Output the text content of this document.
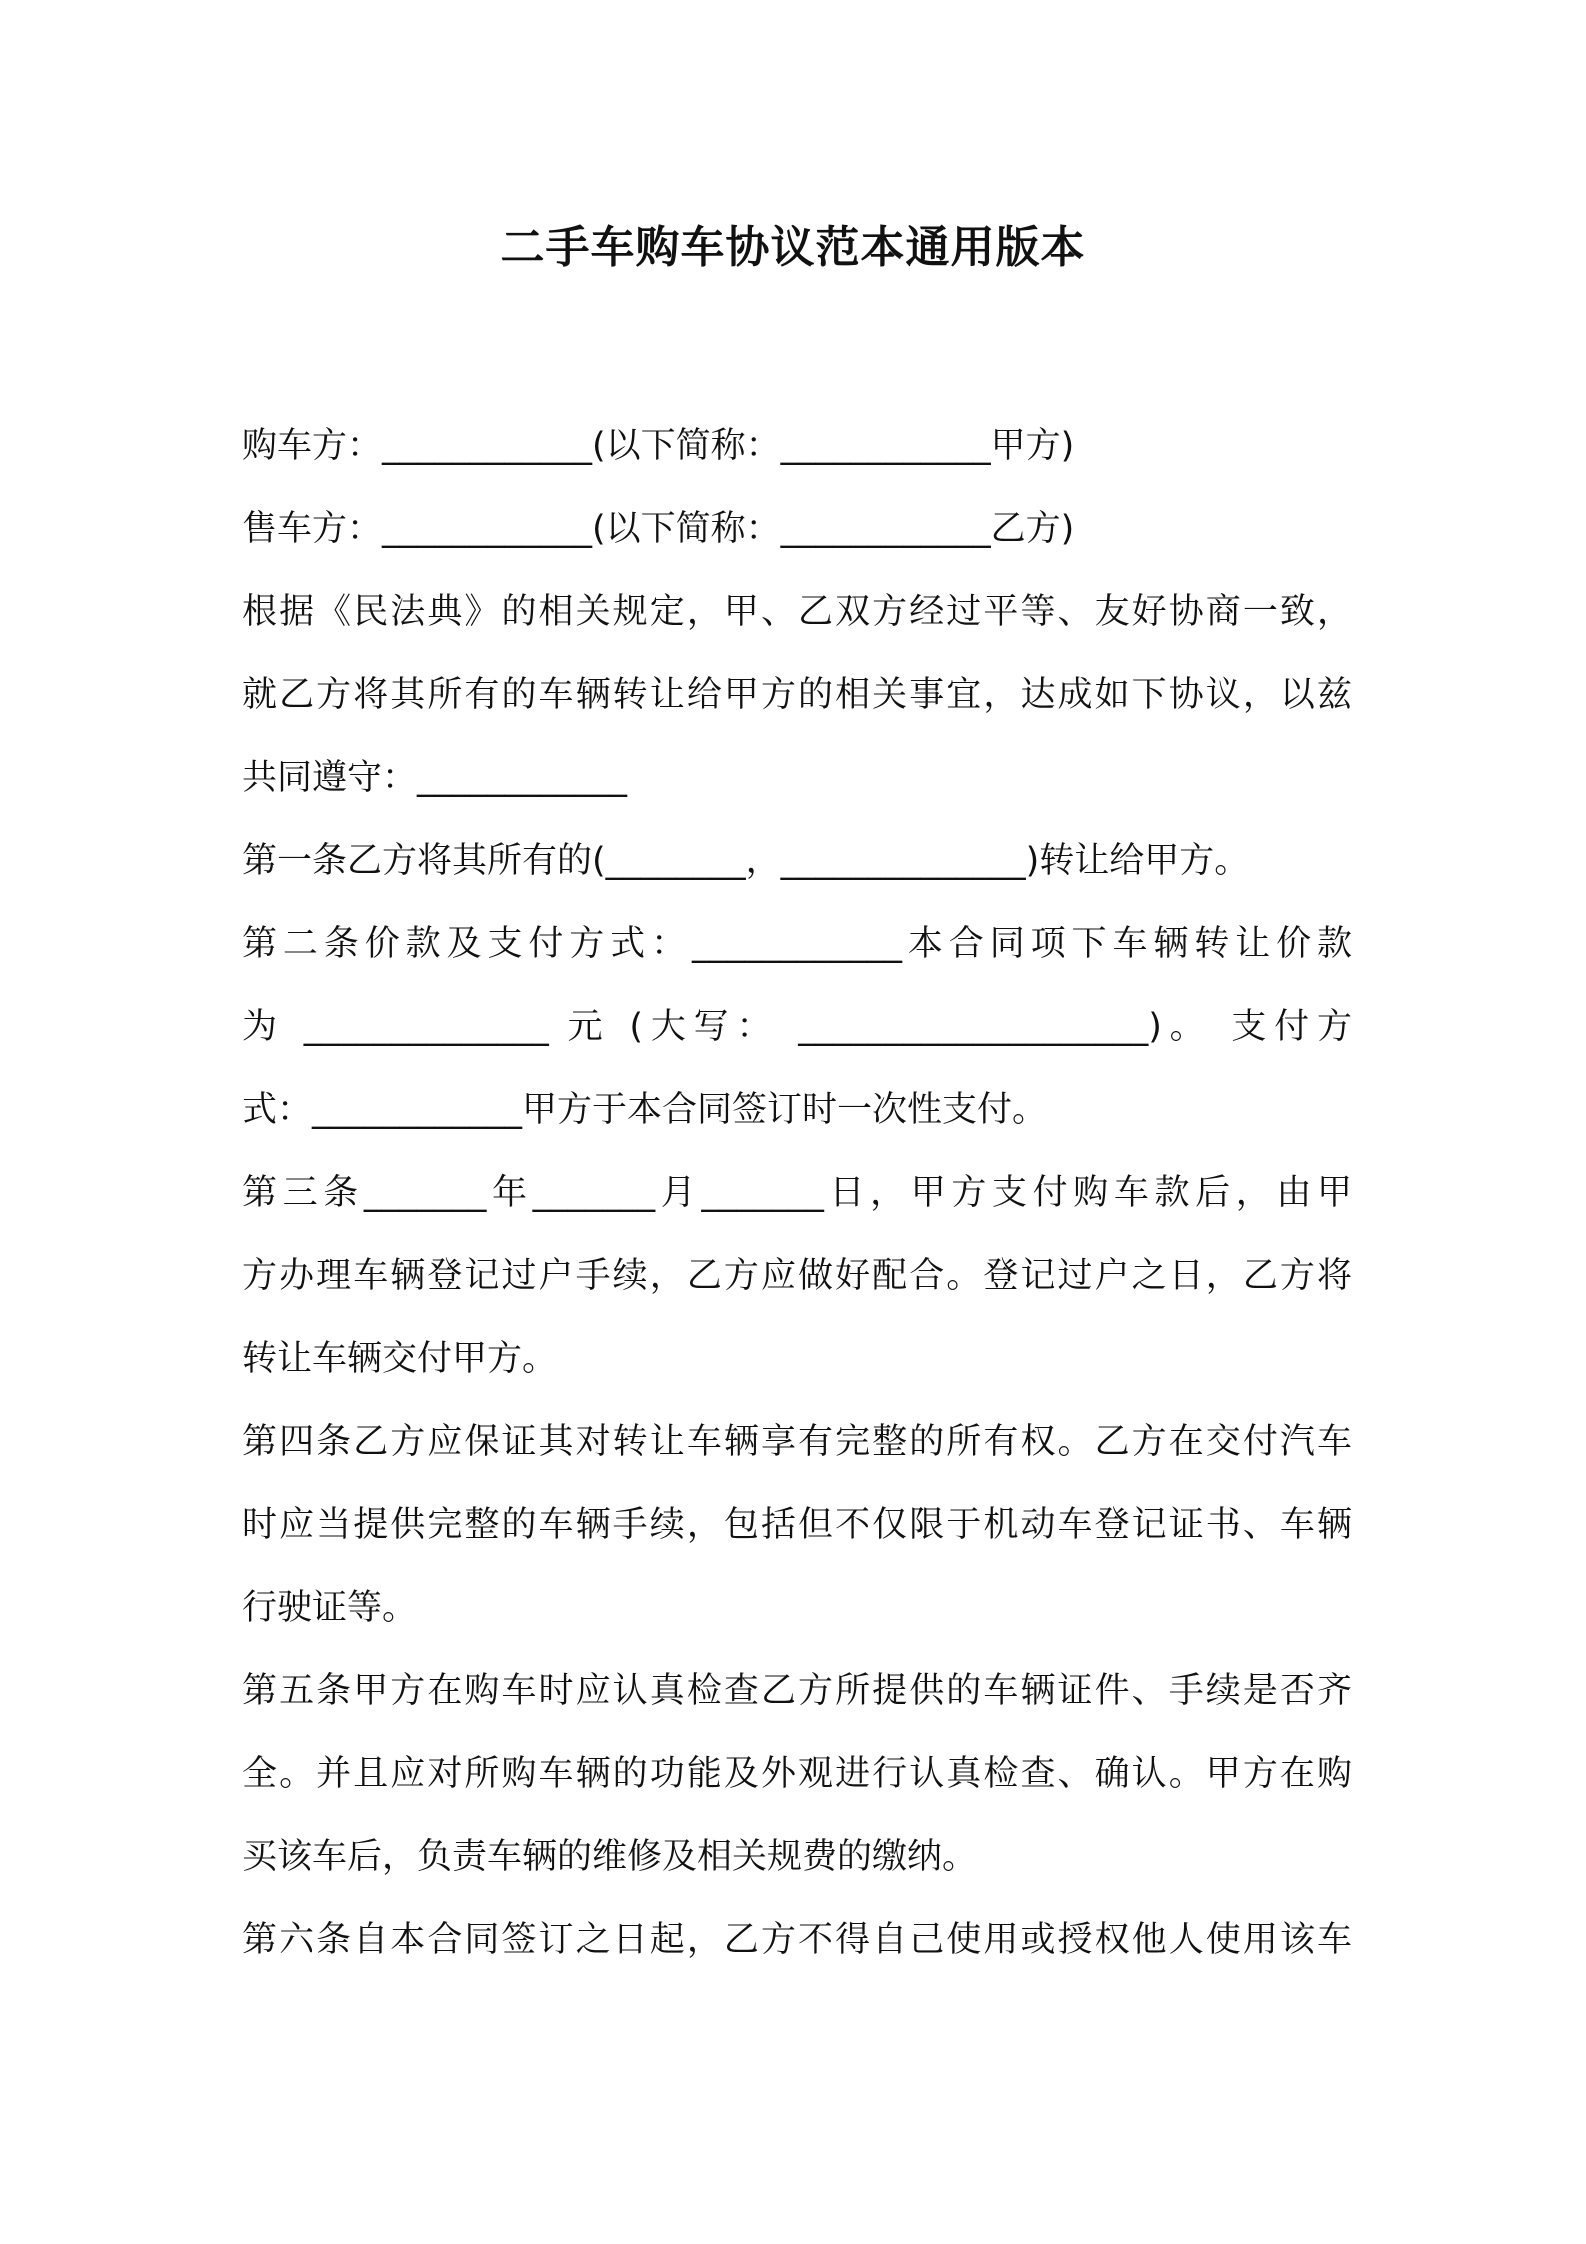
二手车购车协议范本通用版本
购车方：____________(以下简称：____________甲方)
售车方：____________(以下简称：____________乙方)
根据《民法典》的相关规定，甲、乙双方经过平等、友好协商一致，
就乙方将其所有的车辆转让给甲方的相关事宜，达成如下协议，以兹
共同遵守：____________
第一条乙方将其所有的(________，______________)转让给甲方。
第二条价款及支付方式：____________本合同项下车辆转让价款
为 ______________ 元 (大写： ____________________)。 支付方
式：____________甲方于本合同签订时一次性支付。
第三条_______年_______月_______日，甲方支付购车款后，由甲
方办理车辆登记过户手续，乙方应做好配合。登记过户之日，乙方将
转让车辆交付甲方。
第四条乙方应保证其对转让车辆享有完整的所有权。乙方在交付汽车
时应当提供完整的车辆手续，包括但不仅限于机动车登记证书、车辆
行驶证等。
第五条甲方在购车时应认真检查乙方所提供的车辆证件、手续是否齐
全。并且应对所购车辆的功能及外观进行认真检查、确认。甲方在购
买该车后，负责车辆的维修及相关规费的缴纳。
第六条自本合同签订之日起，乙方不得自己使用或授权他人使用该车
